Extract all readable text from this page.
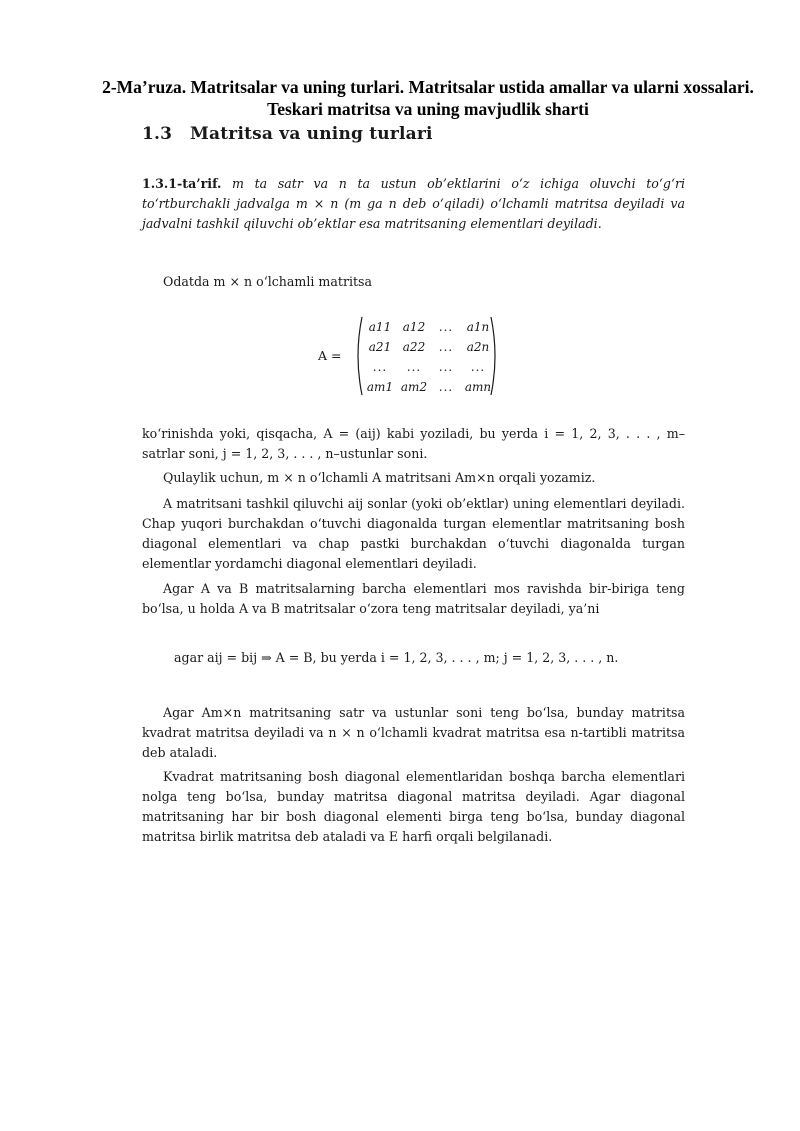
2-Ma’ruza. Matritsalar va uning turlari. Matritsalar ustida amallar va ularni xossalari. Teskari matritsa va uning mavjudlik sharti
1.3 Matritsa va uning turlari
1.3.1-ta’rif. m ta satr va n ta ustun ob’ektlarini o‘z ichiga oluvchi to‘g‘ri to‘rtburchakli jadvalga m × n (m ga n deb o‘qiladi) o‘lchamli matritsa deyiladi va jadvalni tashkil qiluvchi ob’ektlar esa matritsaning elementlari deyiladi.
Odatda m × n o‘lchamli matritsa
A =
a11 a12	...	a1n
a21 a22	...	a2n
...	...	...	...
am1 am2 ... amn
ko‘rinishda yoki, qisqacha, A = (aij) kabi yoziladi, bu yerda i = 1, 2, 3, . . . , m– satrlar soni, j = 1, 2, 3, . . . , n–ustunlar soni.
Qulaylik uchun, m × n o‘lchamli A matritsani Am×n orqali yozamiz.
A matritsani tashkil qiluvchi aij sonlar (yoki ob’ektlar) uning elementlari deyiladi. Chap yuqori burchakdan o‘tuvchi diagonalda turgan elementlar matritsaning bosh diagonal elementlari va chap pastki burchakdan o‘tuvchi diagonalda turgan elementlar yordamchi diagonal elementlari deyiladi.
Agar A va B matritsalarning barcha elementlari mos ravishda bir-biriga teng bo‘lsa, u holda A va B matritsalar o‘zora teng matritsalar deyiladi, ya’ni
agar aij = bij ⇒ A = B, bu yerda i = 1, 2, 3, . . . , m; j = 1, 2, 3, . . . , n.
Agar Am×n matritsaning satr va ustunlar soni teng bo‘lsa, bunday matritsa kvadrat matritsa deyiladi va n × n o‘lchamli kvadrat matritsa esa n-tartibli matritsa deb ataladi.
Kvadrat matritsaning bosh diagonal elementlaridan boshqa barcha elementlari nolga teng bo‘lsa, bunday matritsa diagonal matritsa deyiladi. Agar diagonal matritsaning har bir bosh diagonal elementi birga teng bo‘lsa, bunday diagonal matritsa birlik matritsa deb ataladi va E harfi orqali belgilanadi.
